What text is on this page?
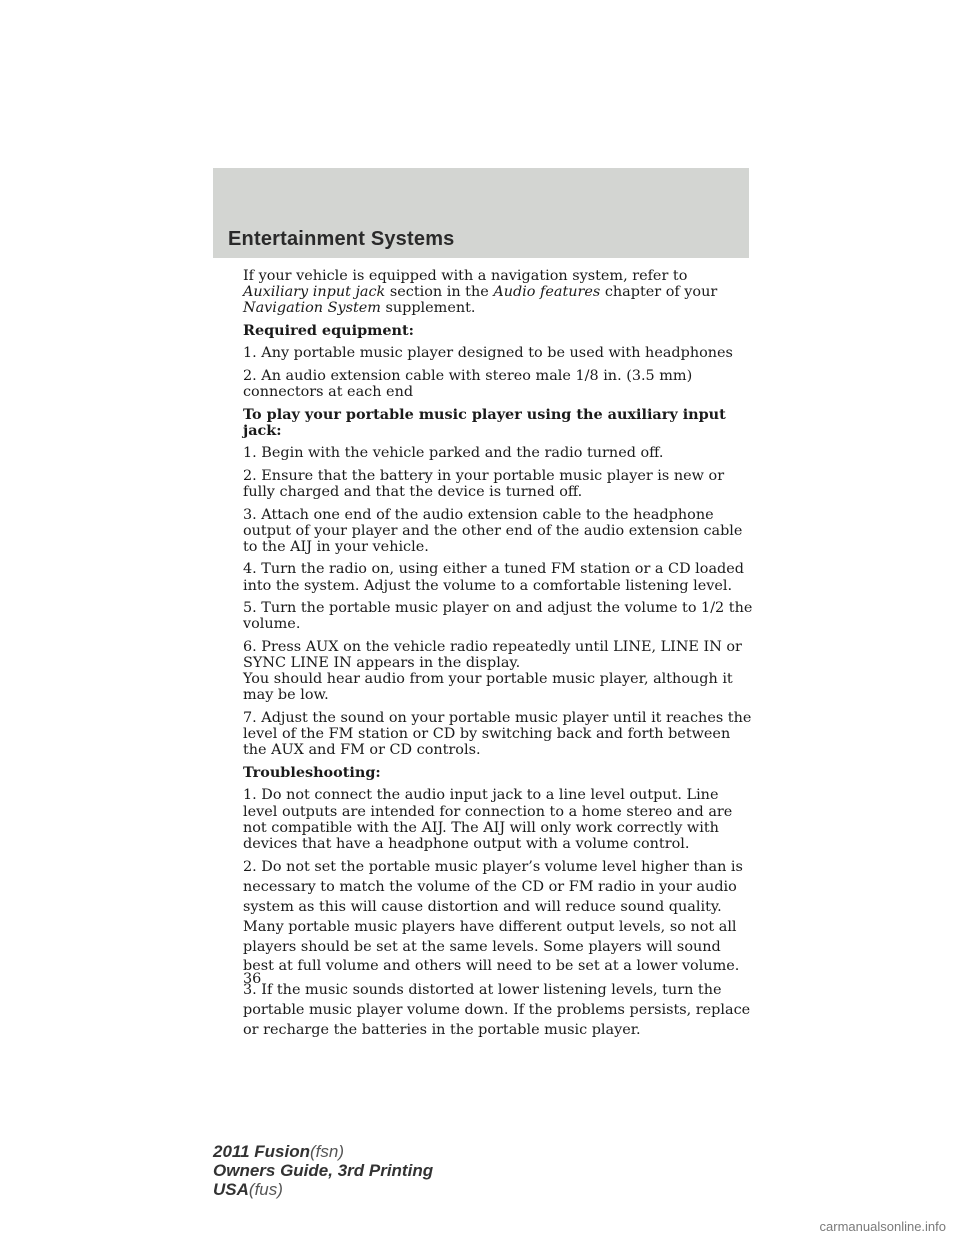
Entertainment Systems

If your vehicle is equipped with a navigation system, refer to Auxiliary input jack section in the Audio features chapter of your Navigation System supplement.

Required equipment:

1. Any portable music player designed to be used with headphones

2. An audio extension cable with stereo male 1/8 in. (3.5 mm) connectors at each end

To play your portable music player using the auxiliary input jack:

1. Begin with the vehicle parked and the radio turned off.

2. Ensure that the battery in your portable music player is new or fully charged and that the device is turned off.

3. Attach one end of the audio extension cable to the headphone output of your player and the other end of the audio extension cable to the AIJ in your vehicle.

4. Turn the radio on, using either a tuned FM station or a CD loaded into the system. Adjust the volume to a comfortable listening level.

5. Turn the portable music player on and adjust the volume to 1/2 the volume.

6. Press AUX on the vehicle radio repeatedly until LINE, LINE IN or SYNC LINE IN appears in the display.

You should hear audio from your portable music player, although it may be low.

7. Adjust the sound on your portable music player until it reaches the level of the FM station or CD by switching back and forth between the AUX and FM or CD controls.

Troubleshooting:

1. Do not connect the audio input jack to a line level output. Line level outputs are intended for connection to a home stereo and are not compatible with the AIJ. The AIJ will only work correctly with devices that have a headphone output with a volume control.

2. Do not set the portable music player’s volume level higher than is necessary to match the volume of the CD or FM radio in your audio system as this will cause distortion and will reduce sound quality. Many portable music players have different output levels, so not all players should be set at the same levels. Some players will sound best at full volume and others will need to be set at a lower volume.

3. If the music sounds distorted at lower listening levels, turn the portable music player volume down. If the problems persists, replace or recharge the batteries in the portable music player.

36
2011 Fusion(fsn)
Owners Guide, 3rd Printing
USA(fus)
carmanualsonline.info
